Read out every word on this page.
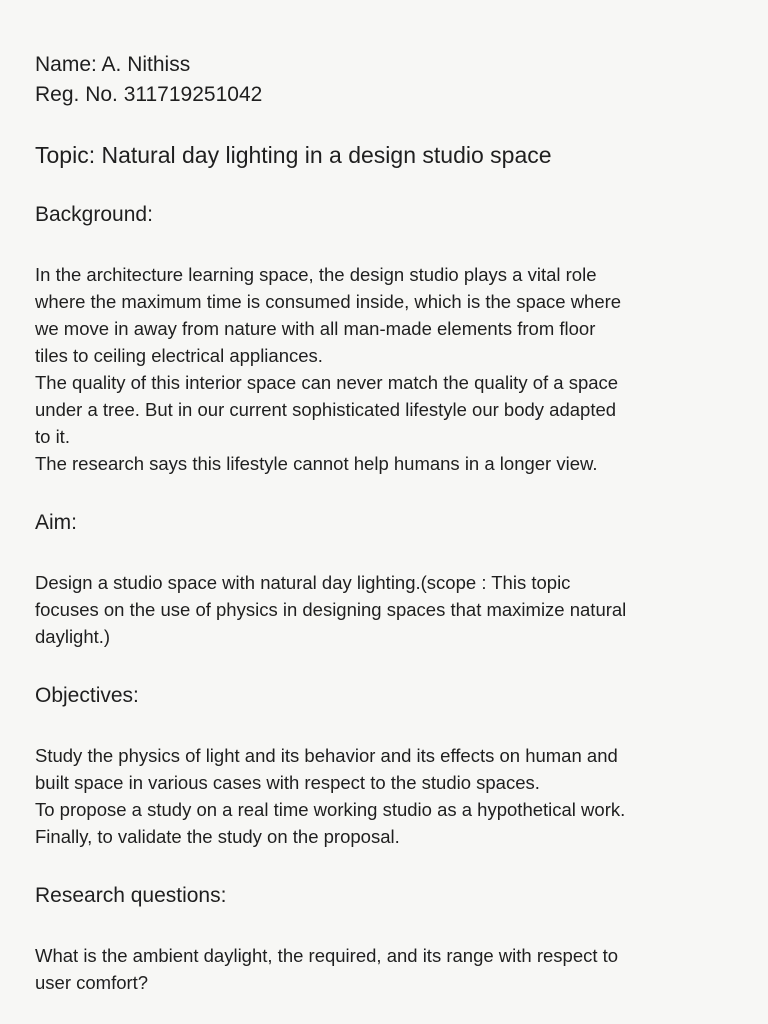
Name: A. Nithiss

Reg. No. 311719251042

Topic: Natural day lighting in a design studio space

Background:

In the architecture learning space, the design studio plays a vital role
where the maximum time is consumed inside, which is the space where
we move in away from nature with all man-made elements from floor
tiles to ceiling electrical appliances.
The quality of this interior space can never match the quality of a space
under a tree. But in our current sophisticated lifestyle our body adapted
to it.
The research says this lifestyle cannot help humans in a longer view.

Aim:

Design a studio space with natural day lighting.(scope : This topic
focuses on the use of physics in designing spaces that maximize natural
daylight.)

Objectives:

Study the physics of light and its behavior and its effects on human and
built space in various cases with respect to the studio spaces.
To propose a study on a real time working studio as a hypothetical work.
Finally, to validate the study on the proposal.

Research questions:

What is the ambient daylight, the required, and its range with respect to
user comfort?
